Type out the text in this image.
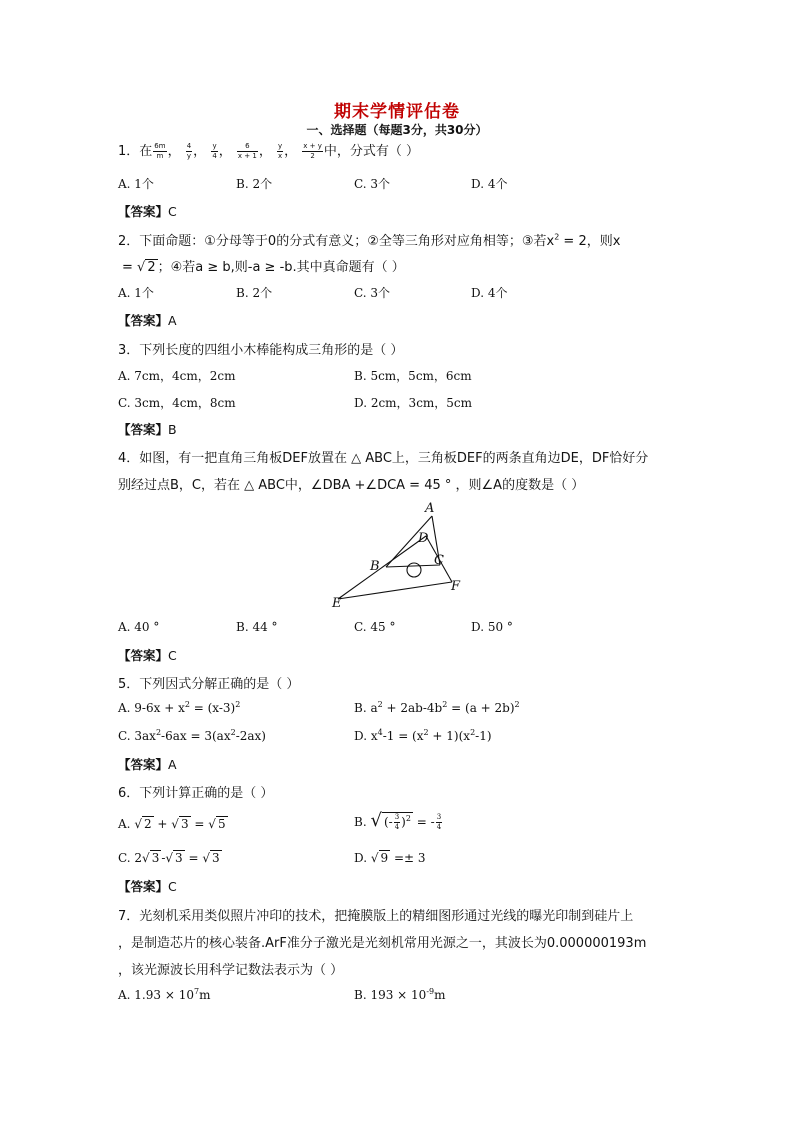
期末学情评估卷
一、选择题（每题3分，共30分）
1．在 $\frac{6m}{m}$ ， $\frac{4}{y}$ ， $\frac{y}{4}$ ， $\frac{6}{x + 1}$ ， $\frac{y}{x}$ ， $\frac{x + y}{2}$ 中，分式有（ ）
A. 1个	B. 2个	C. 3个	D. 4个
【答案】C
2．下面命题：①分母等于0的分式有意义；②全等三角形对应角相等；③若$x^2 = 2$，则x
= √ 2 ；④若a ≥ b,则-a ≥ -b.其中真命题有（ ）
A. 1个	B. 2个	C. 3个	D. 4个
【答案】A
3．下列长度的四组小木棒能构成三角形的是（ ）
A. 7cm，4cm，2cm	B. 5cm，5cm，6cm
C. 3cm，4cm，8cm	D. 2cm，3cm，5cm
【答案】B
4．如图，有一把直角三角板DEF放置在 △ ABC上，三角板DEF的两条直角边DE，DF恰好分
别经过点B，C，若在 △ ABC中，∠DBA +∠DCA = 45 ° ，则∠A的度数是（ ）
A
D
B	C
E
F
A. 40 °	B. 44 °	C. 45 °	D. 50 °
【答案】C
5．下列因式分解正确的是（ ）
A. $9-6x + x^2 = (x-3)^2$	B. $a^2 + 2ab-4b^2 = (a + 2b)^2$
C. $3ax^2-6ax = 3(ax^2-2ax)$	D. $x^4-1 = (x^2 + 1)(x^2-1)$
【答案】A
6．下列计算正确的是（ ）
A. √ 2 + √ 3 = √ 5	B. √ (- $\frac{3}{4} )^2$ = - $\frac{3}{4}$
C. 2√ 3 -√ 3 = √ 3	D. √ 9 =± 3
【答案】C
7．光刻机采用类似照片冲印的技术，把掩膜版上的精细图形通过光线的曝光印制到硅片上
，是制造芯片的核心装备.ArF准分子激光是光刻机常用光源之一，其波长为0.000000193m
，该光源波长用科学记数法表示为（ ）
A. $1.93 \times 10^7m$	B. $193 \times 10^{-9}m$
